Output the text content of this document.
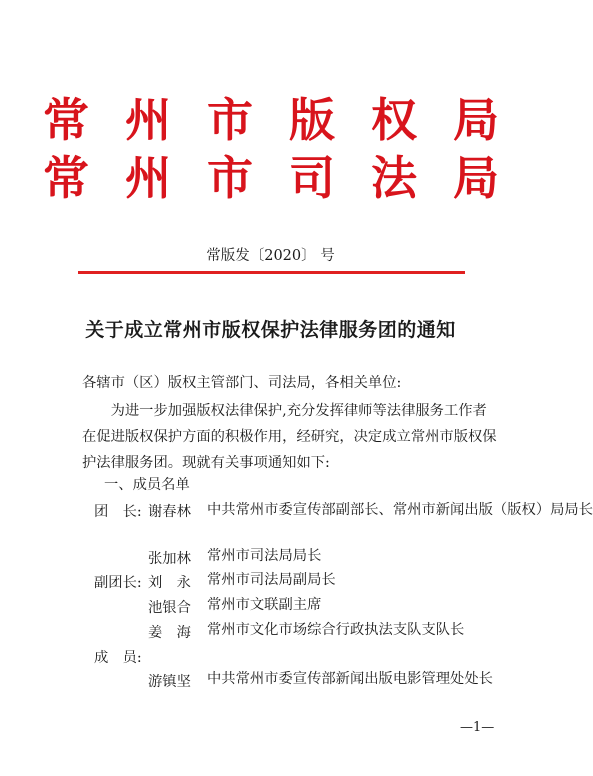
常 州 市 版 权 局
常 州 市 司 法 局
常版发〔2020〕 号
关于成立常州市版权保护法律服务团的通知
各辖市（区）版权主管部门、司法局，各相关单位:
　　为进一步加强版权法律保护,充分发挥律师等法律服务工作者
在促进版权保护方面的积极作用，经研究，决定成立常州市版权保
护法律服务团。现就有关事项通知如下:
一、成员名单
团　长: 谢春林 中共常州市委宣传部副部长、常州市新闻出版（版权）局局长
张加林 常州市司法局局长
副团长: 刘　永 常州市司法局副局长
池银合 常州市文联副主席
姜　海 常州市文化市场综合行政执法支队支队长
成　员:
游镇坚 中共常州市委宣传部新闻出版电影管理处处长
—1—
